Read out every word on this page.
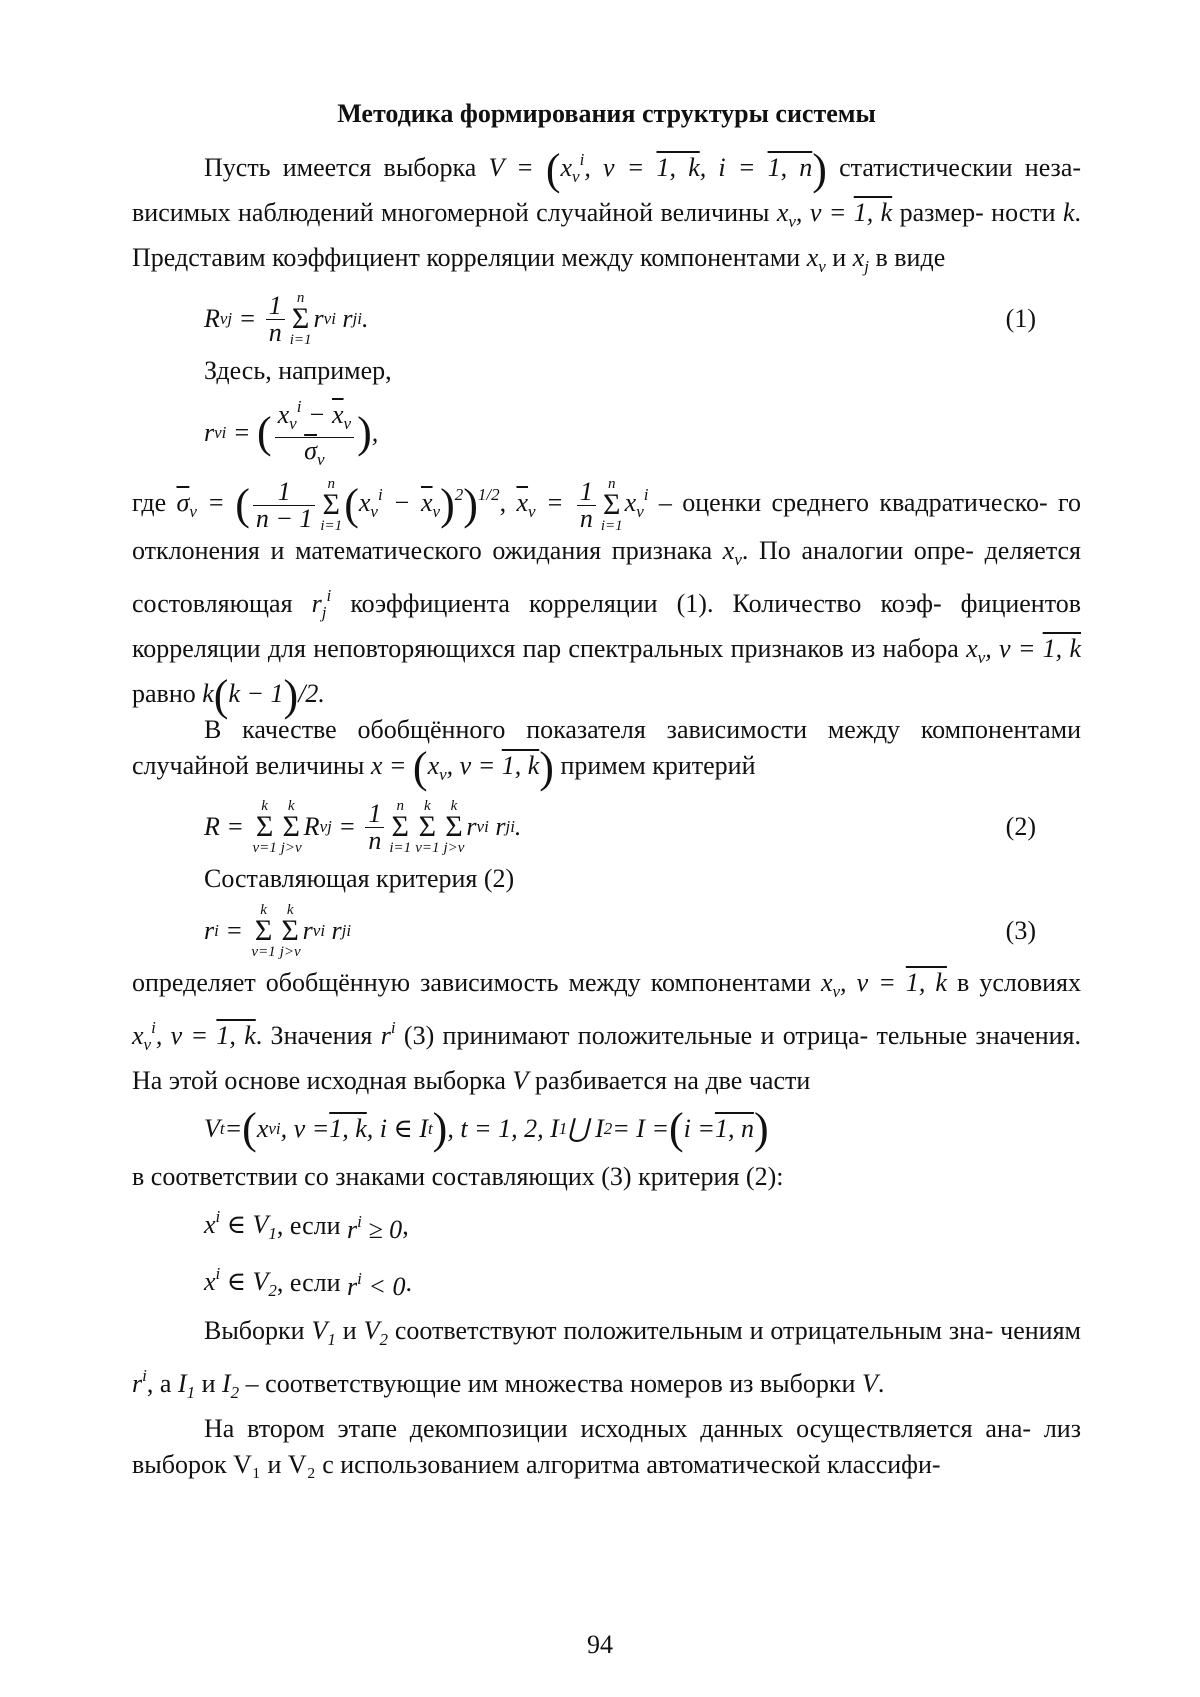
Методика формирования структуры системы

Пусть имеется выборка $V = (x_v^i$, v = 1, k, i = 1, n) статистическии неза- висимых наблюдений многомерной случайной величины $x_v$, v = 1, k размер- ности k. Представим коэффициент корреляции между компонентами $x_v$ и $x_j$ в виде

R vj = $\frac{1}{n}$ n
Σ
i=1
r v i r j i .	(1)

Здесь, например,

r v i = ( $\frac{x_v^i - \overline{x}_v}{\overline{\sigma}_v}$ ) ,

где $\overline{\sigma}_v$ = ( $\frac{1}{n - 1}$ n
Σ
i=1 $(x_v^i - \overline{x}_v)^2)^{1/2}$, $\overline{x}_v = \frac{1}{n}$ n
Σ
i=1
$x_v^i$ – оценки среднего квадратическо- го отклонения и математического ожидания признака $x_v$. По аналогии опре- деляется состовляющая $r_j^i$ коэффициента корреляции (1). Количество коэф- фициентов корреляции для неповторяющихся пар спектральных признаков из набора $x_v$, v = 1, k равно k(k − 1)/2.

В качестве обобщённого показателя зависимости между компонентами случайной величины $x = (x_v$, v = 1, k) примем критерий

R =
k
Σ
v=1
k
Σ
j>v
R vj = $\frac{1}{n}$ n
Σ
i=1
k
Σ
v=1
k
Σ
j>v
r v i r j i .	(2)

Составляющая критерия (2)

r i =
k
Σ
v=1
k
Σ
j>v
r v i r j i	(3)

определяет обобщённую зависимость между компонентами $x_v$, v = 1, k в условиях $x_v^i$, v = 1, k. Значения $r^i$ (3) принимают положительные и отрица- тельные значения. На этой основе исходная выборка V разбивается на две части

V t = ( x v i , v = 1, k , i ∈ I t ) , t = 1, 2, I 1 ⋃ I 2 = I = ( i = 1, n )

в соответствии со знаками составляющих (3) критерия (2):

$x^i$ ∈ $V_1$ , если
$r^i \ge 0$ ,
$x^i$ ∈ $V_2$ , если
$r^i < 0$ .

Выборки $V_1$ и $V_2$ соответствуют положительным и отрицательным зна- чениям $r^i$, а $I_1$ и $I_2$ – соответствующие им множества номеров из выборки V.

На втором этапе декомпозиции исходных данных осуществляется ана- лиз выборок V₁ и V₂ с использованием алгоритма автоматической классифи-

94
